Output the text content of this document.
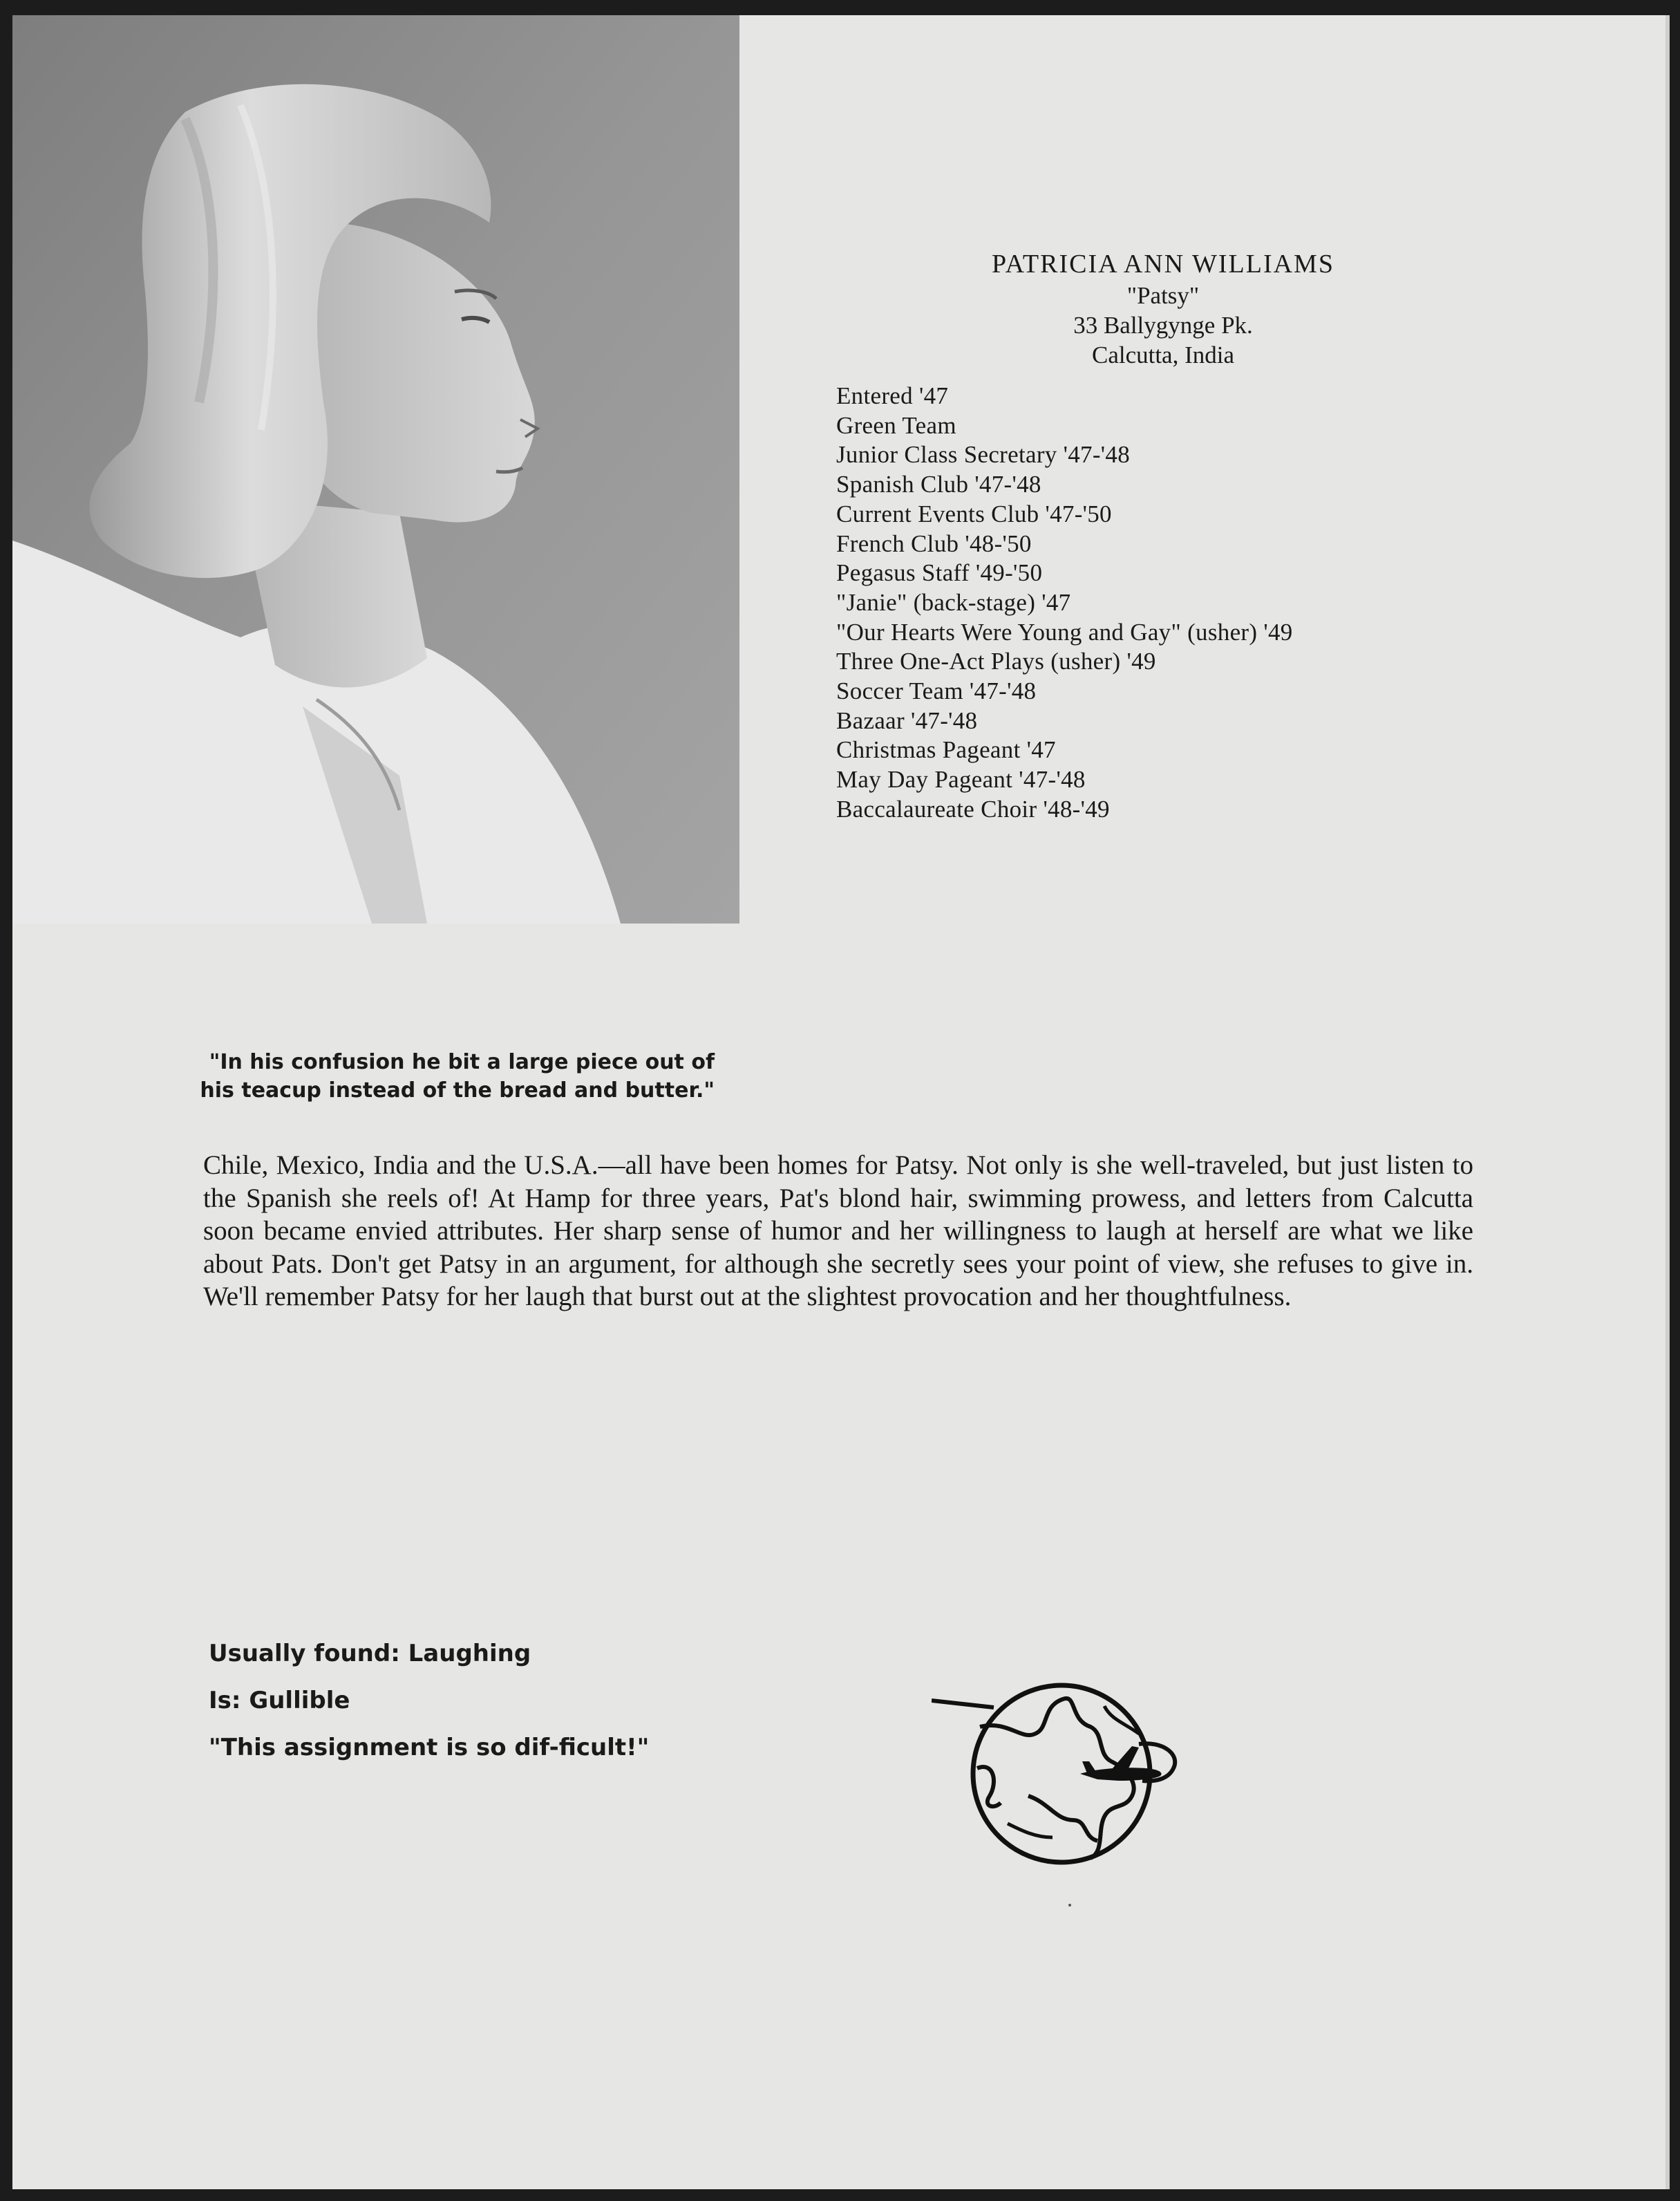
PATRICIA ANN WILLIAMS
"Patsy"
33 Ballygynge Pk.
Calcutta, India
Entered '47
Green Team
Junior Class Secretary '47-'48
Spanish Club '47-'48
Current Events Club '47-'50
French Club '48-'50
Pegasus Staff '49-'50
"Janie" (back-stage) '47
"Our Hearts Were Young and Gay" (usher) '49
Three One-Act Plays (usher) '49
Soccer Team '47-'48
Bazaar '47-'48
Christmas Pageant '47
May Day Pageant '47-'48
Baccalaureate Choir '48-'49
"In his confusion he bit a large piece out of
his teacup instead of the bread and butter."

Chile, Mexico, India and the U.S.A.—all have been homes for Patsy. Not only is she well-traveled, but just listen to the Spanish she reels of! At Hamp for three years, Pat's blond hair, swimming prowess, and letters from Calcutta soon became envied attributes. Her sharp sense of humor and her willingness to laugh at herself are what we like about Pats. Don't get Patsy in an argument, for although she secretly sees your point of view, she refuses to give in. We'll remember Patsy for her laugh that burst out at the slightest provocation and her thoughtfulness.

Usually found: Laughing
Is: Gullible
"This assignment is so dif-ficult!"
